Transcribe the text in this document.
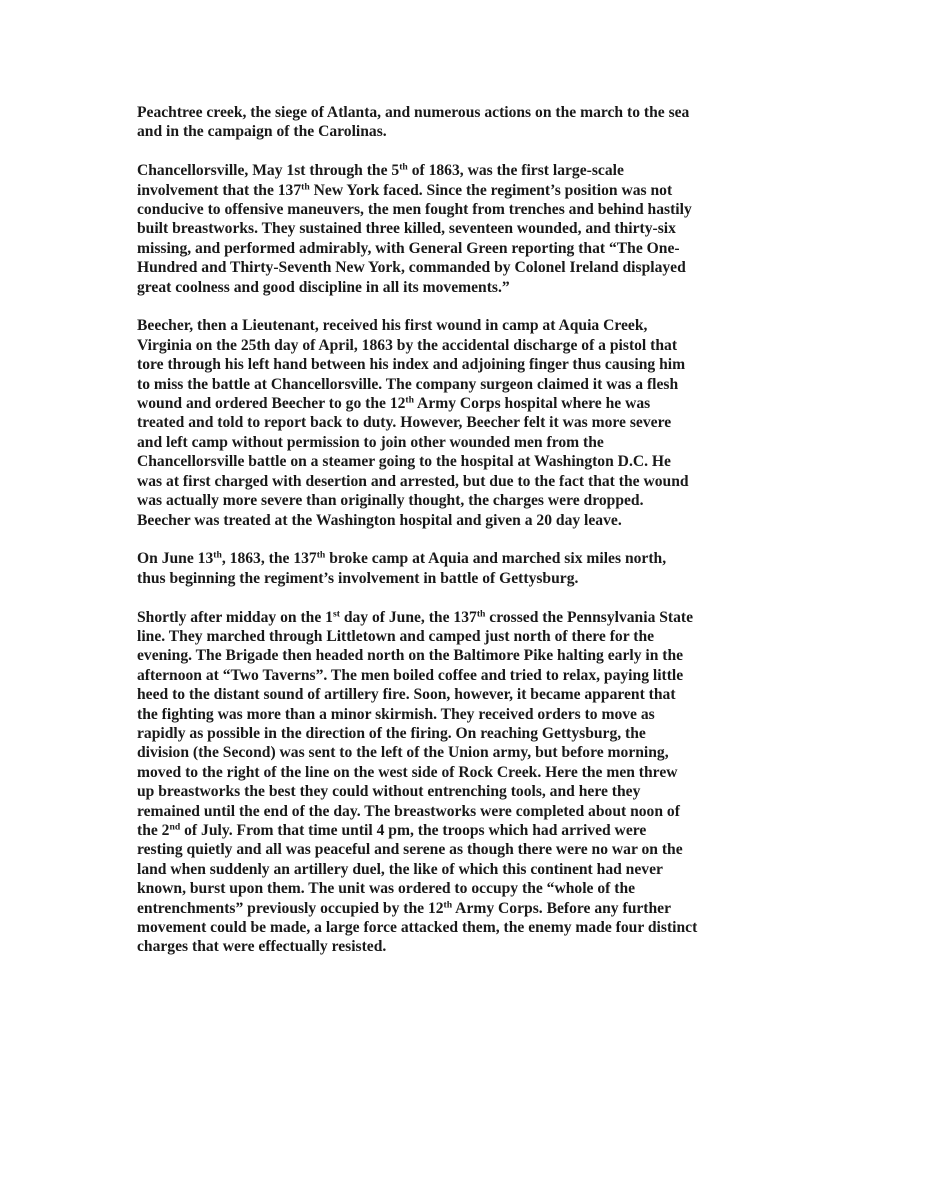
Peachtree creek, the siege of Atlanta, and numerous actions on the march to the sea
and in the campaign of the Carolinas.

Chancellorsville, May 1st through the 5th of 1863, was the first large-scale
involvement that the 137th New York faced. Since the regiment’s position was not
conducive to offensive maneuvers, the men fought from trenches and behind hastily
built breastworks. They sustained three killed, seventeen wounded, and thirty-six
missing, and performed admirably, with General Green reporting that “The One-
Hundred and Thirty-Seventh New York, commanded by Colonel Ireland displayed
great coolness and good discipline in all its movements.”

Beecher, then a Lieutenant, received his first wound in camp at Aquia Creek,
Virginia on the 25th day of April, 1863 by the accidental discharge of a pistol that
tore through his left hand between his index and adjoining finger thus causing him
to miss the battle at Chancellorsville. The company surgeon claimed it was a flesh
wound and ordered Beecher to go the 12th Army Corps hospital where he was
treated and told to report back to duty. However, Beecher felt it was more severe
and left camp without permission to join other wounded men from the
Chancellorsville battle on a steamer going to the hospital at Washington D.C. He
was at first charged with desertion and arrested, but due to the fact that the wound
was actually more severe than originally thought, the charges were dropped.
Beecher was treated at the Washington hospital and given a 20 day leave.

On June 13th, 1863, the 137th broke camp at Aquia and marched six miles north,
thus beginning the regiment’s involvement in battle of Gettysburg.

Shortly after midday on the 1st day of June, the 137th crossed the Pennsylvania State
line. They marched through Littletown and camped just north of there for the
evening. The Brigade then headed north on the Baltimore Pike halting early in the
afternoon at “Two Taverns”. The men boiled coffee and tried to relax, paying little
heed to the distant sound of artillery fire. Soon, however, it became apparent that
the fighting was more than a minor skirmish. They received orders to move as
rapidly as possible in the direction of the firing. On reaching Gettysburg, the
division (the Second) was sent to the left of the Union army, but before morning,
moved to the right of the line on the west side of Rock Creek. Here the men threw
up breastworks the best they could without entrenching tools, and here they
remained until the end of the day. The breastworks were completed about noon of
the 2nd of July. From that time until 4 pm, the troops which had arrived were
resting quietly and all was peaceful and serene as though there were no war on the
land when suddenly an artillery duel, the like of which this continent had never
known, burst upon them. The unit was ordered to occupy the “whole of the
entrenchments” previously occupied by the 12th Army Corps. Before any further
movement could be made, a large force attacked them, the enemy made four distinct
charges that were effectually resisted.
